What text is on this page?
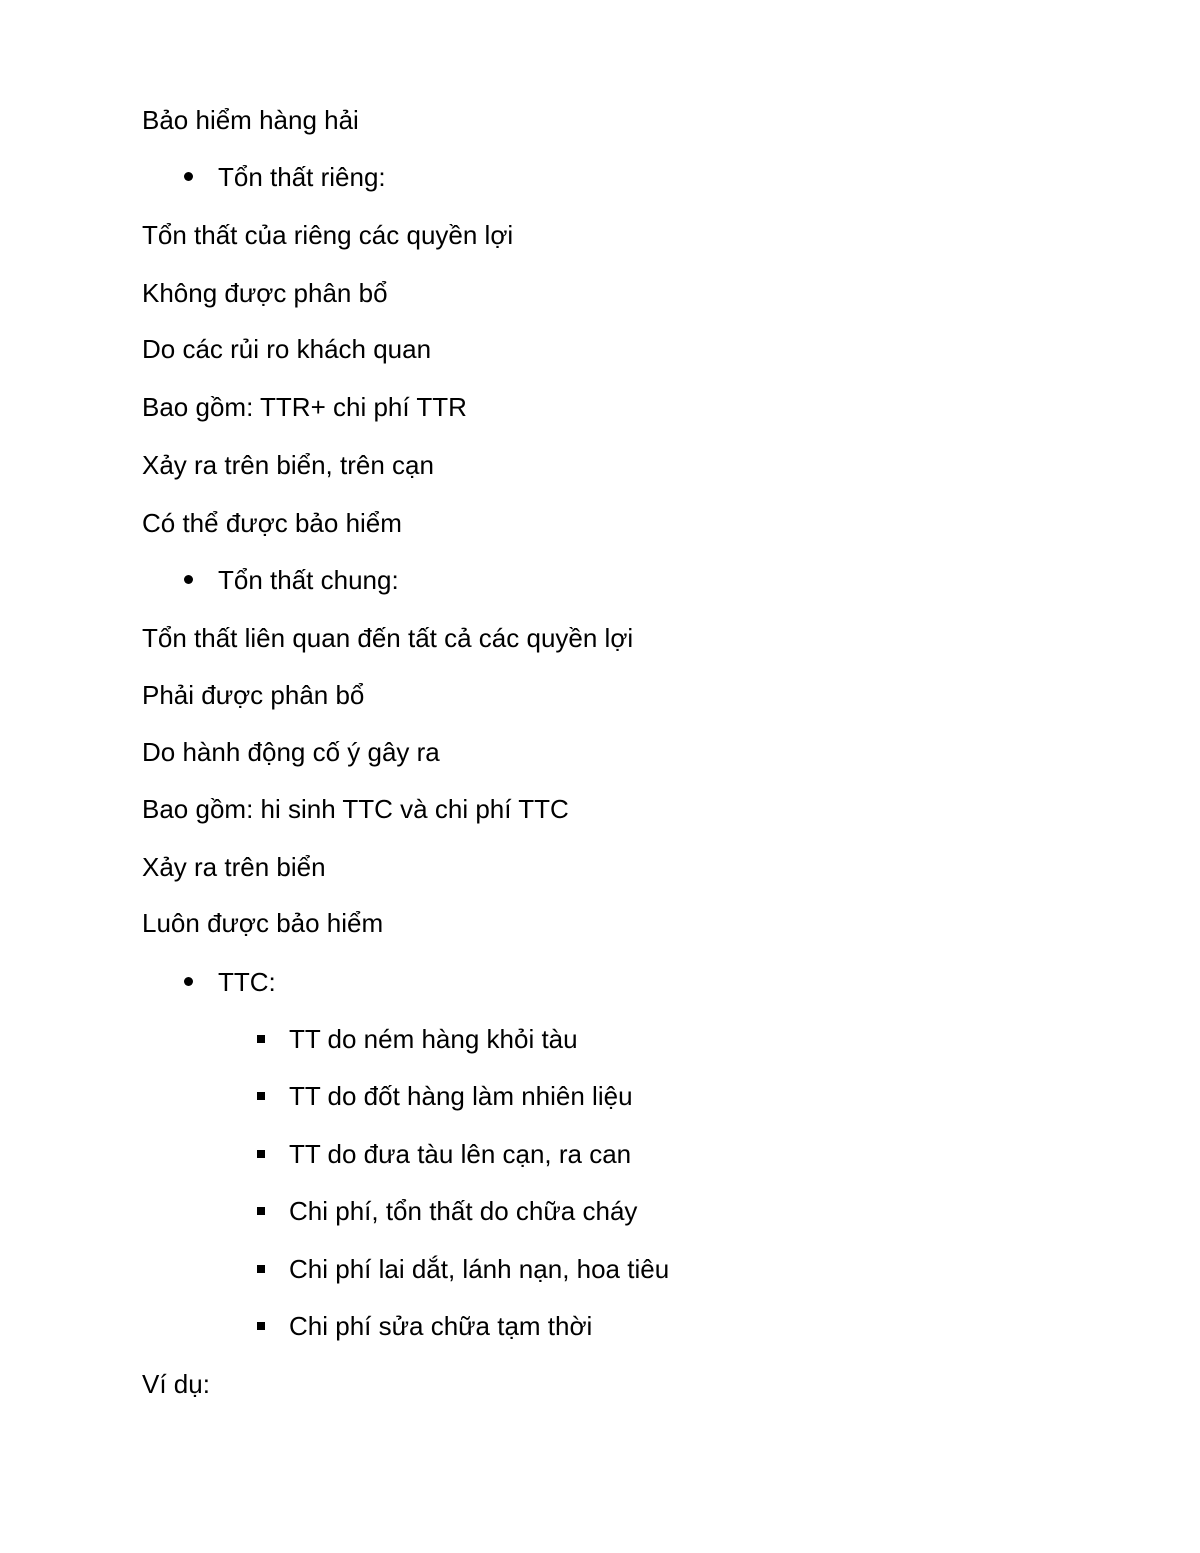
Bảo hiểm hàng hải
Tổn thất riêng:
Tổn thất của riêng các quyền lợi
Không được phân bổ
Do các rủi ro khách quan
Bao gồm: TTR+ chi phí TTR
Xảy ra trên biển, trên cạn
Có thể được bảo hiểm
Tổn thất chung:
Tổn thất liên quan đến tất cả các quyền lợi
Phải được phân bổ
Do hành động cố ý gây ra
Bao gồm: hi sinh TTC và chi phí TTC
Xảy ra trên biển
Luôn được bảo hiểm
TTC:
TT do ném hàng khỏi tàu
TT do đốt hàng làm nhiên liệu
TT do đưa tàu lên cạn, ra can
Chi phí, tổn thất do chữa cháy
Chi phí lai dắt, lánh nạn, hoa tiêu
Chi phí sửa chữa tạm thời
Ví dụ:
